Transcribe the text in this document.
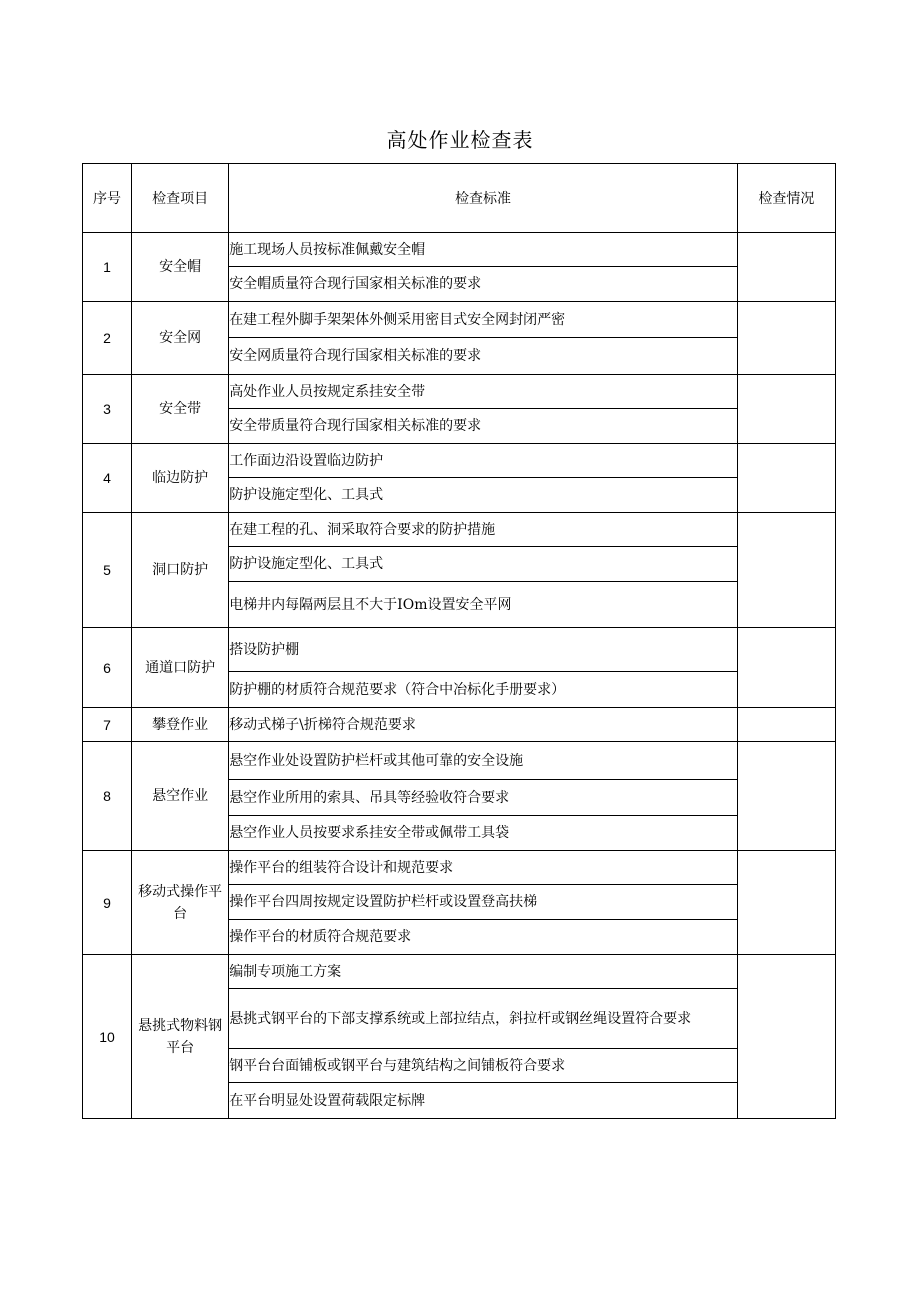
高处作业检查表
序号	检查项目	检查标准	检查情况
1	安全帽	施工现场人员按标准佩戴安全帽	
		安全帽质量符合现行国家相关标准的要求	
2	安全网	在建工程外脚手架架体外侧采用密目式安全网封闭严密	
		安全网质量符合现行国家相关标准的要求	
3	安全带	高处作业人员按规定系挂安全带	
		安全带质量符合现行国家相关标准的要求	
4	临边防护	工作面边沿设置临边防护	
		防护设施定型化、工具式	
5	洞口防护	在建工程的孔、洞采取符合要求的防护措施	
		防护设施定型化、工具式	
		电梯井内每隔两层且不大于IOm设置安全平网	
6	通道口防护	搭设防护棚	
		防护棚的材质符合规范要求（符合中冶标化手册要求）	
7	攀登作业	移动式梯子\折梯符合规范要求	
8	悬空作业	悬空作业处设置防护栏杆或其他可靠的安全设施	
		悬空作业所用的索具、吊具等经验收符合要求	
		悬空作业人员按要求系挂安全带或佩带工具袋	
9	移动式操作平台	操作平台的组装符合设计和规范要求	
		操作平台四周按规定设置防护栏杆或设置登高扶梯	
		操作平台的材质符合规范要求	
10	悬挑式物料钢平台	编制专项施工方案	
		悬挑式钢平台的下部支撑系统或上部拉结点，斜拉杆或钢丝绳设置符合要求	
		钢平台台面铺板或钢平台与建筑结构之间铺板符合要求	
		在平台明显处设置荷载限定标牌	
